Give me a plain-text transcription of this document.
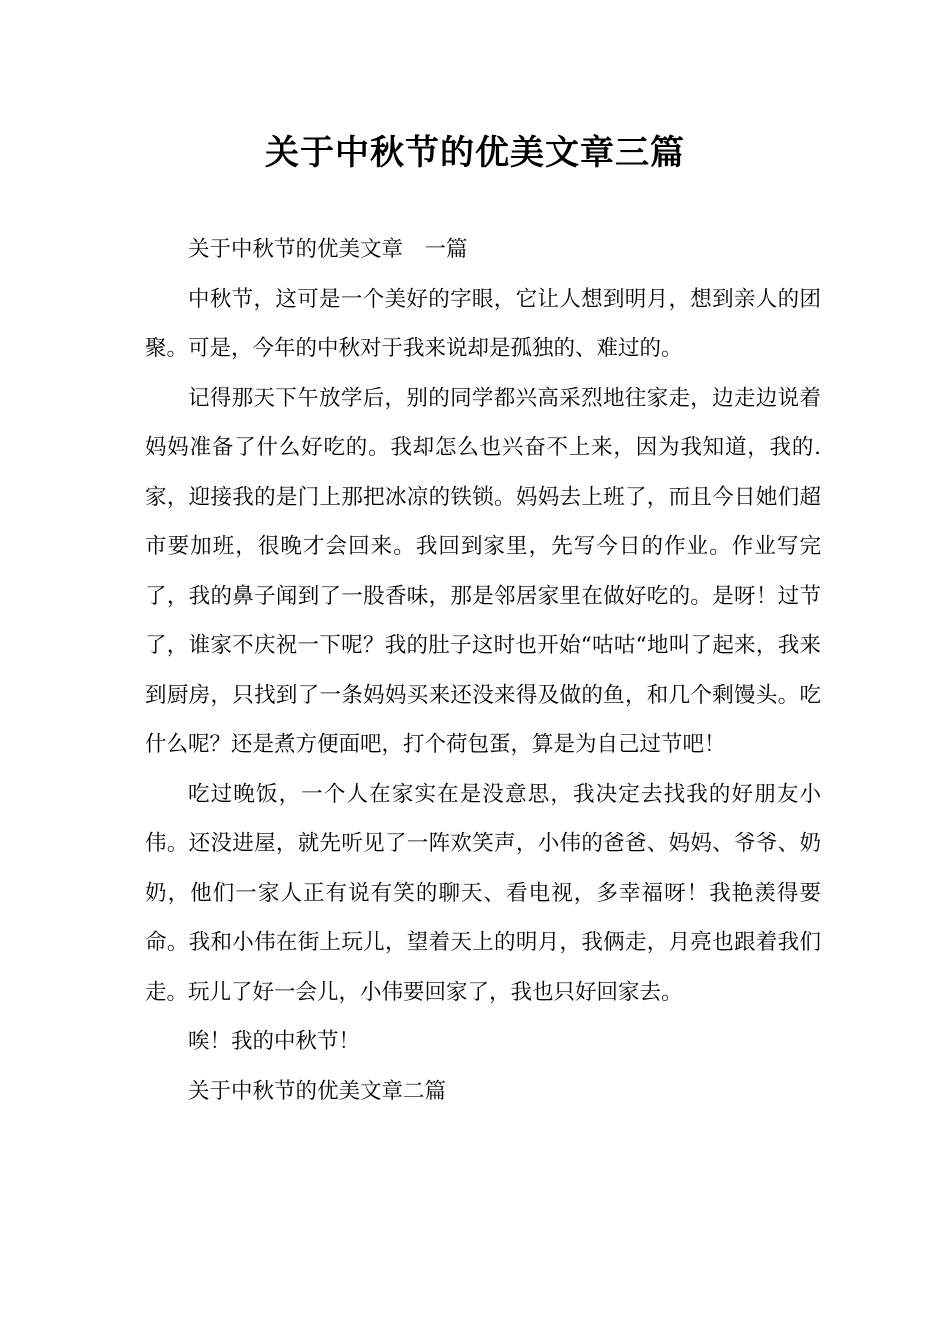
关于中秋节的优美文章三篇

关于中秋节的优美文章　一篇

中秋节，这可是一个美好的字眼，它让人想到明月，想到亲人的团聚。可是，今年的中秋对于我来说却是孤独的、难过的。

记得那天下午放学后，别的同学都兴高采烈地往家走，边走边说着妈妈准备了什么好吃的。我却怎么也兴奋不上来，因为我知道，我的.家，迎接我的是门上那把冰凉的铁锁。妈妈去上班了，而且今日她们超市要加班，很晚才会回来。我回到家里，先写今日的作业。作业写完了，我的鼻子闻到了一股香味，那是邻居家里在做好吃的。是呀！过节了，谁家不庆祝一下呢？我的肚子这时也开始“咕咕“地叫了起来，我来到厨房，只找到了一条妈妈买来还没来得及做的鱼，和几个剩馒头。吃什么呢？还是煮方便面吧，打个荷包蛋，算是为自己过节吧！

吃过晚饭，一个人在家实在是没意思，我决定去找我的好朋友小伟。还没进屋，就先听见了一阵欢笑声，小伟的爸爸、妈妈、爷爷、奶奶，他们一家人正有说有笑的聊天、看电视，多幸福呀！我艳羡得要命。我和小伟在街上玩儿，望着天上的明月，我俩走，月亮也跟着我们走。玩儿了好一会儿，小伟要回家了，我也只好回家去。

唉！我的中秋节！

关于中秋节的优美文章二篇
